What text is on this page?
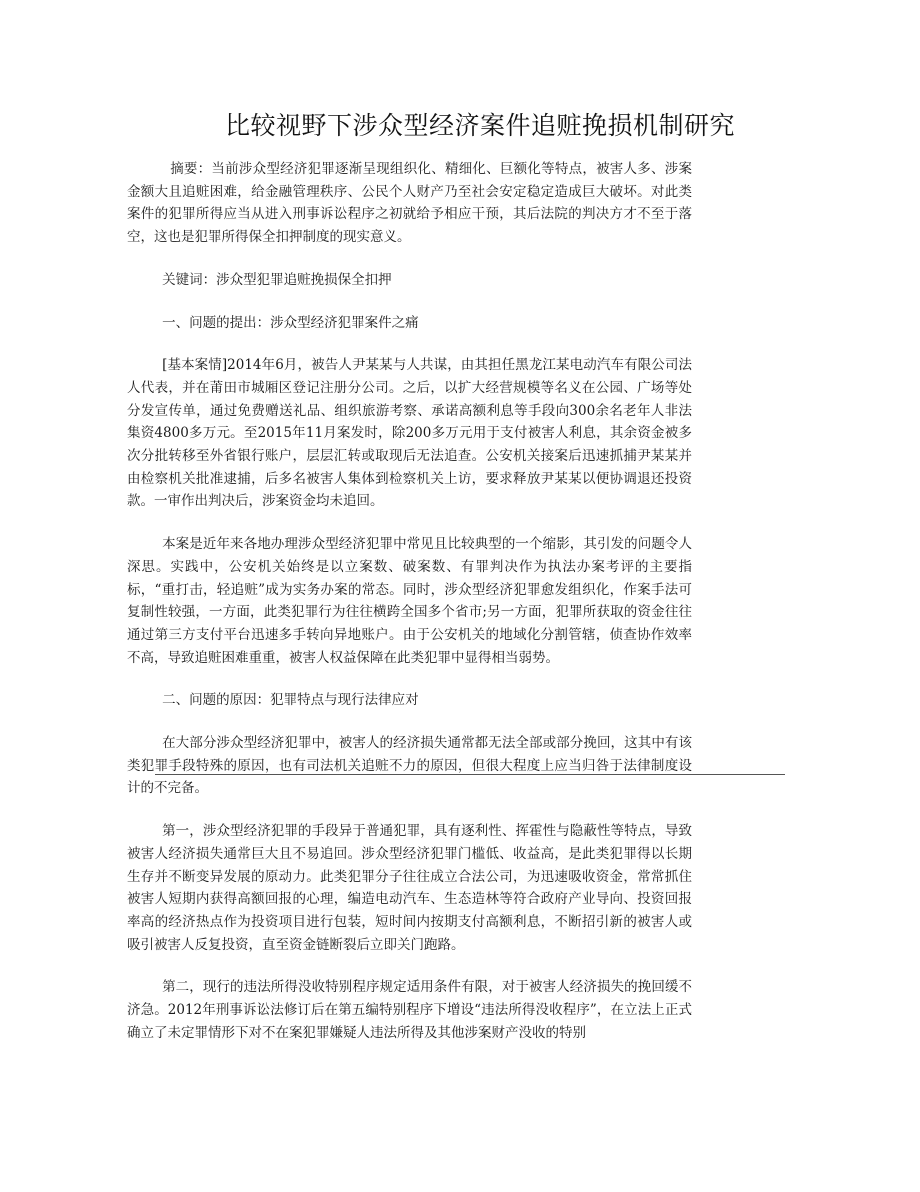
比较视野下涉众型经济案件追赃挽损机制研究

摘要：当前涉众型经济犯罪逐渐呈现组织化、精细化、巨额化等特点，被害人多、涉案金额大且追赃困难，给金融管理秩序、公民个人财产乃至社会安定稳定造成巨大破坏。对此类案件的犯罪所得应当从进入刑事诉讼程序之初就给予相应干预，其后法院的判决方才不至于落空，这也是犯罪所得保全扣押制度的现实意义。

关键词：涉众型犯罪追赃挽损保全扣押

一、问题的提出：涉众型经济犯罪案件之痛

[基本案情]2014年6月，被告人尹某某与人共谋，由其担任黑龙江某电动汽车有限公司法人代表，并在莆田市城厢区登记注册分公司。之后，以扩大经营规模等名义在公园、广场等处分发宣传单，通过免费赠送礼品、组织旅游考察、承诺高额利息等手段向300余名老年人非法集资4800多万元。至2015年11月案发时，除200多万元用于支付被害人利息，其余资金被多次分批转移至外省银行账户，层层汇转或取现后无法追查。公安机关接案后迅速抓捕尹某某并由检察机关批准逮捕，后多名被害人集体到检察机关上访，要求释放尹某某以便协调退还投资款。一审作出判决后，涉案资金均未追回。

本案是近年来各地办理涉众型经济犯罪中常见且比较典型的一个缩影，其引发的问题令人深思。实践中，公安机关始终是以立案数、破案数、有罪判决作为执法办案考评的主要指标，“重打击，轻追赃”成为实务办案的常态。同时，涉众型经济犯罪愈发组织化，作案手法可复制性较强，一方面，此类犯罪行为往往横跨全国多个省市;另一方面，犯罪所获取的资金往往通过第三方支付平台迅速多手转向异地账户。由于公安机关的地域化分割管辖，侦查协作效率不高，导致追赃困难重重，被害人权益保障在此类犯罪中显得相当弱势。

二、问题的原因：犯罪特点与现行法律应对

在大部分涉众型经济犯罪中，被害人的经济损失通常都无法全部或部分挽回，这其中有该类犯罪手段特殊的原因，也有司法机关追赃不力的原因，但很大程度上应当归咎于法律制度设计的不完备。

第一，涉众型经济犯罪的手段异于普通犯罪，具有逐利性、挥霍性与隐蔽性等特点，导致被害人经济损失通常巨大且不易追回。涉众型经济犯罪门槛低、收益高，是此类犯罪得以长期生存并不断变异发展的原动力。此类犯罪分子往往成立合法公司，为迅速吸收资金，常常抓住被害人短期内获得高额回报的心理，编造电动汽车、生态造林等符合政府产业导向、投资回报率高的经济热点作为投资项目进行包装，短时间内按期支付高额利息，不断招引新的被害人或吸引被害人反复投资，直至资金链断裂后立即关门跑路。

第二，现行的违法所得没收特别程序规定适用条件有限，对于被害人经济损失的挽回缓不济急。2012年刑事诉讼法修订后在第五编特别程序下增设“违法所得没收程序”，在立法上正式确立了未定罪情形下对不在案犯罪嫌疑人违法所得及其他涉案财产没收的特别
